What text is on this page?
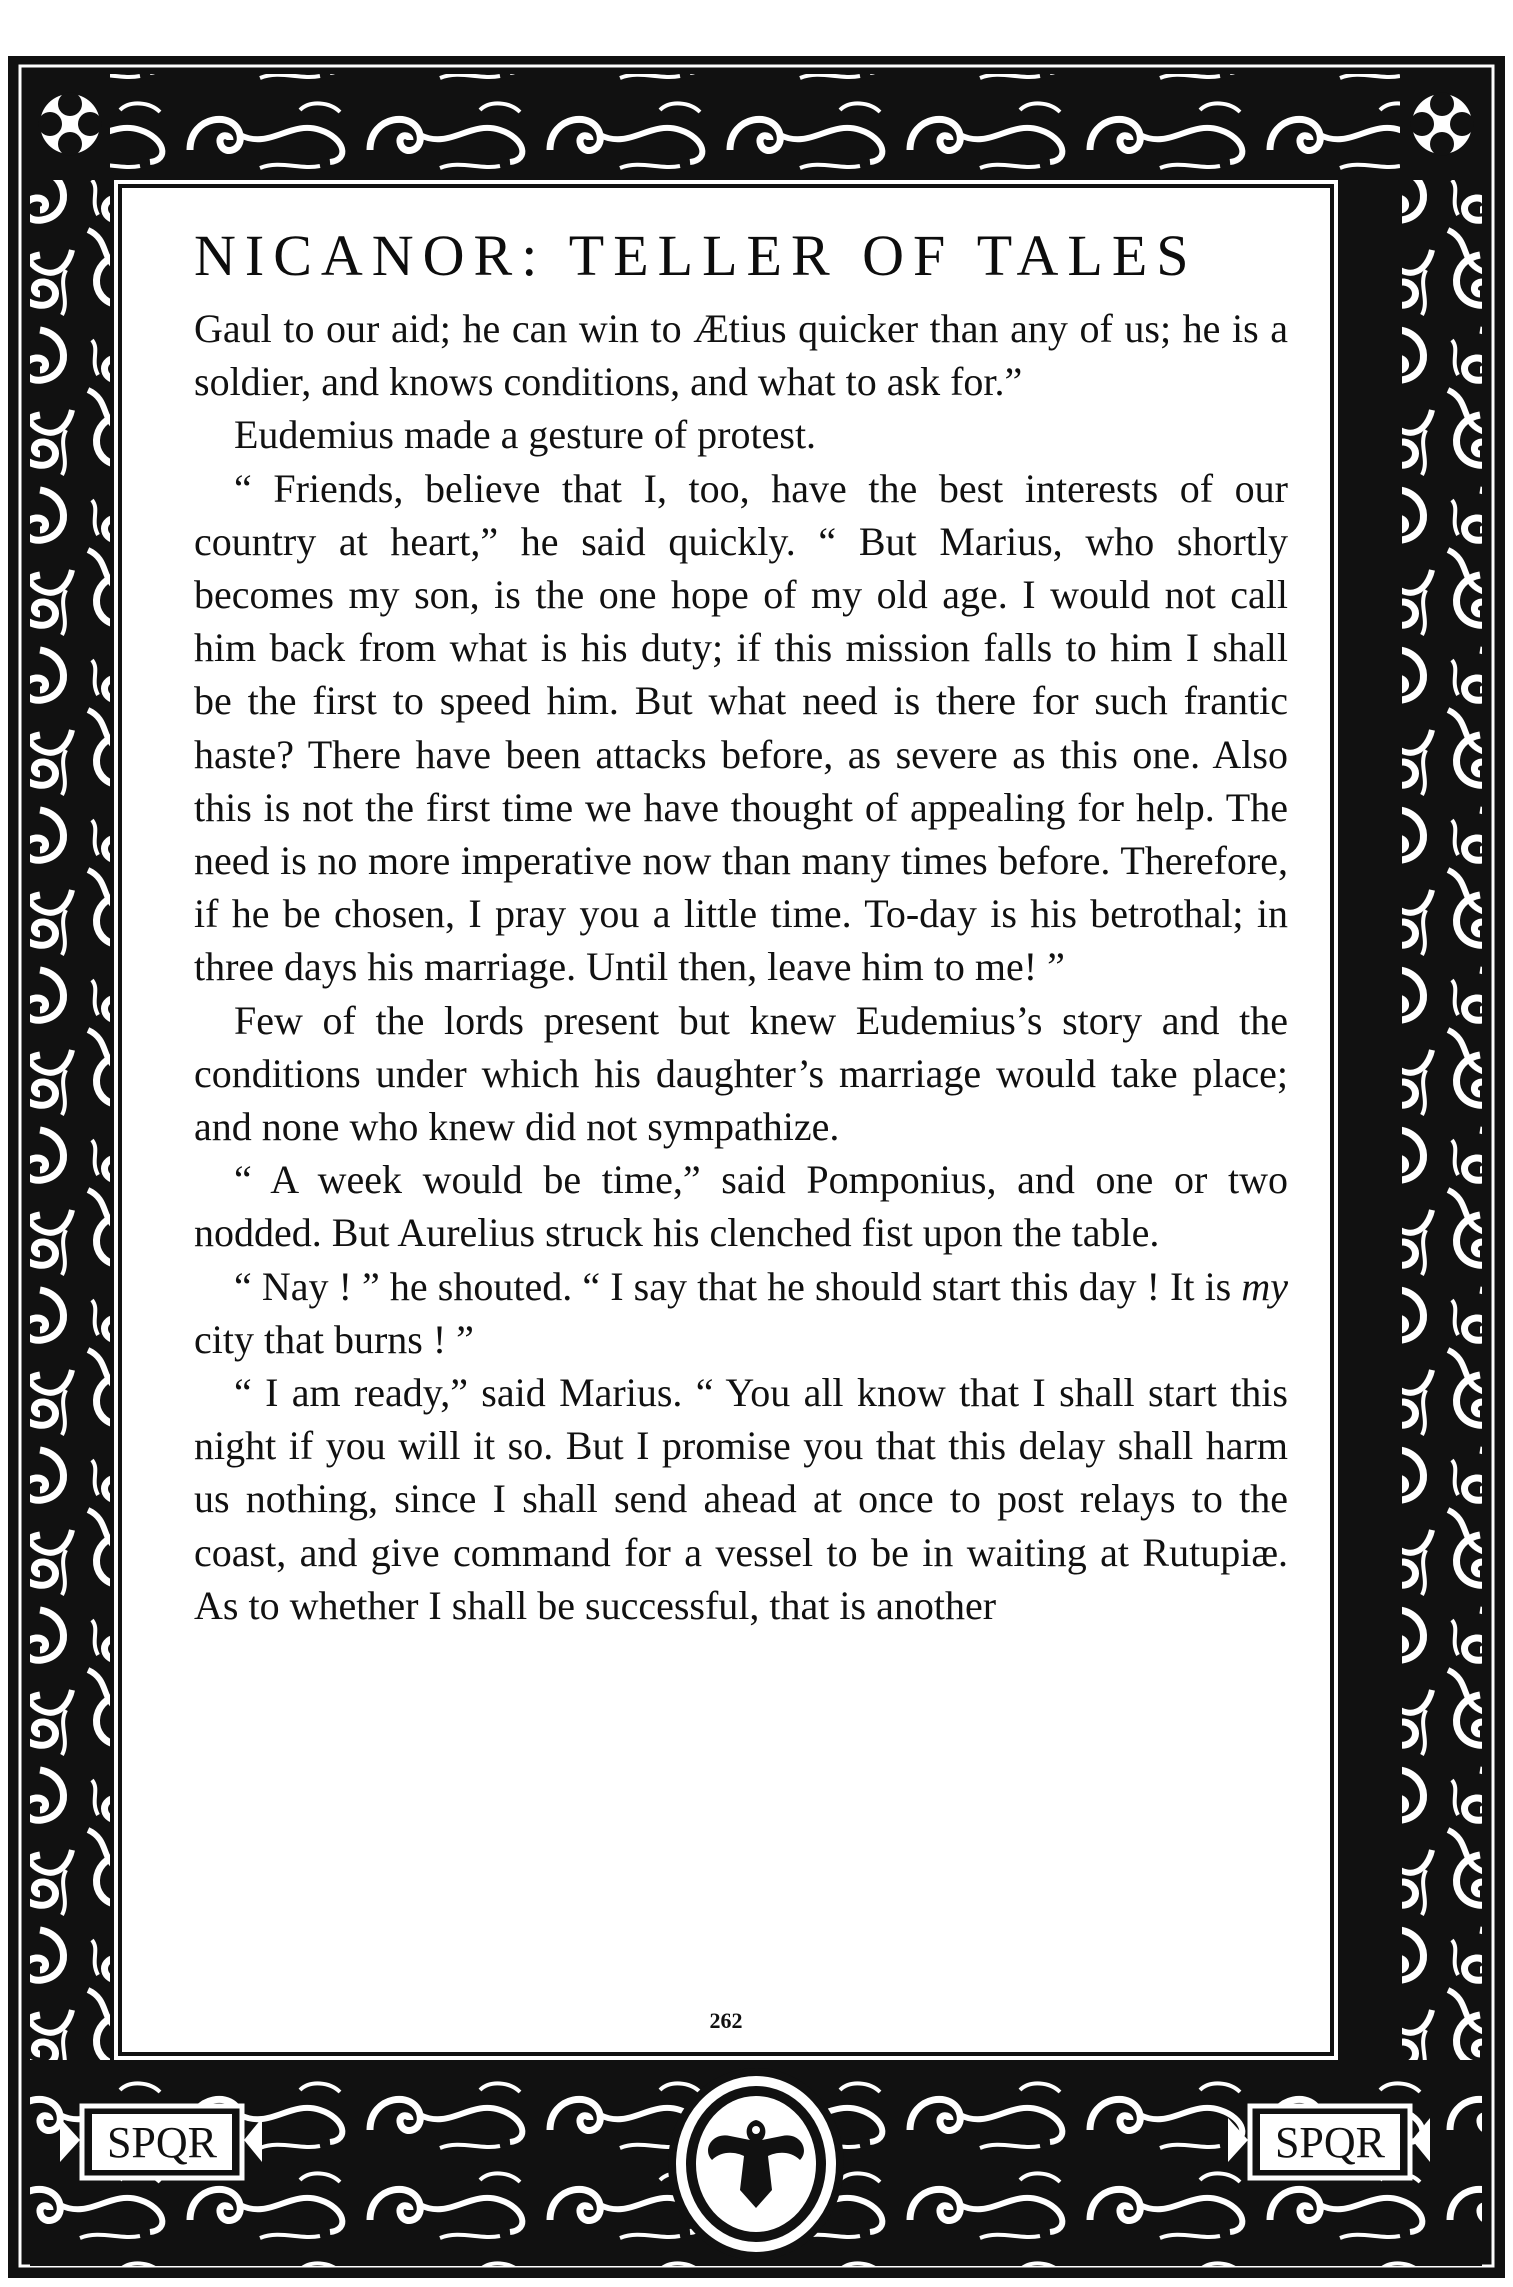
SPQR	SPQR
NICANOR: TELLER OF TALES

Gaul to our aid; he can win to Ætius quicker than any of us; he is a soldier, and knows conditions, and what to ask for.”

Eudemius made a gesture of protest.

“ Friends, believe that I, too, have the best interests of our country at heart,” he said quickly. “ But Marius, who shortly becomes my son, is the one hope of my old age. I would not call him back from what is his duty; if this mission falls to him I shall be the first to speed him. But what need is there for such frantic haste? There have been attacks before, as severe as this one. Also this is not the first time we have thought of appealing for help. The need is no more imperative now than many times before. Therefore, if he be chosen, I pray you a little time. To-day is his betrothal; in three days his marriage. Until then, leave him to me! ”

Few of the lords present but knew Eudemius’s story and the conditions under which his daughter’s marriage would take place; and none who knew did not sympathize.

“ A week would be time,” said Pomponius, and one or two nodded. But Aurelius struck his clenched fist upon the table.

“ Nay ! ” he shouted. “ I say that he should start this day ! It is my city that burns ! ”

“ I am ready,” said Marius. “ You all know that I shall start this night if you will it so. But I promise you that this delay shall harm us nothing, since I shall send ahead at once to post relays to the coast, and give command for a vessel to be in waiting at Rutupiæ. As to whether I shall be successful, that is another

262
